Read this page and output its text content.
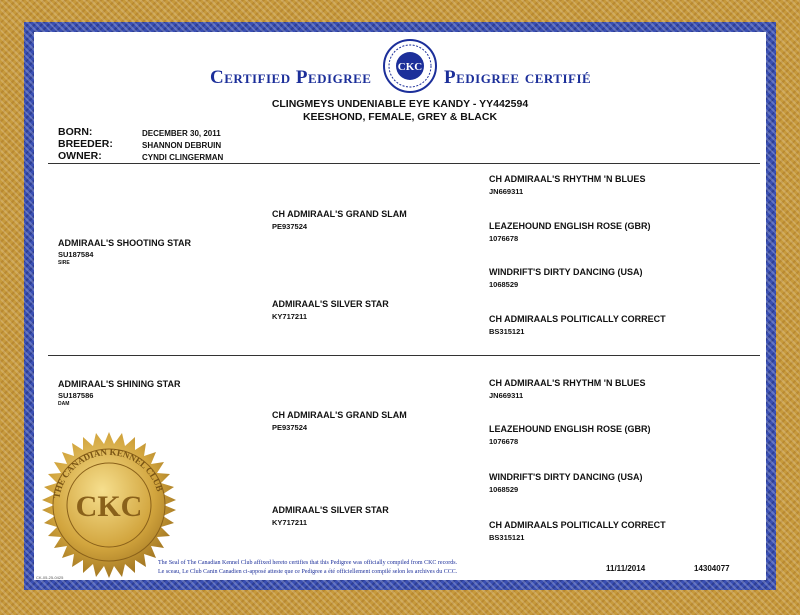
Certified Pedigree CKC Pedigree certifié
CLINGMEYS UNDENIABLE EYE KANDY - YY442594
KEESHOND, FEMALE, GREY & BLACK
BORN:	DECEMBER 30, 2011
BREEDER:	SHANNON DEBRUIN
OWNER:	CYNDI CLINGERMAN
ADMIRAAL'S SHOOTING STAR
SU187584
SIRE
CH ADMIRAAL'S GRAND SLAM
PE937524
ADMIRAAL'S SILVER STAR
KY717211
CH ADMIRAAL'S RHYTHM 'N BLUES
JN669311
LEAZEHOUND ENGLISH ROSE (GBR)
1076678
WINDRIFT'S DIRTY DANCING (USA)
1068529
CH ADMIRAALS POLITICALLY CORRECT
BS315121
ADMIRAAL'S SHINING STAR
SU187586
DAM
CH ADMIRAAL'S GRAND SLAM
PE937524
ADMIRAAL'S SILVER STAR
KY717211
CH ADMIRAAL'S RHYTHM 'N BLUES
JN669311
LEAZEHOUND ENGLISH ROSE (GBR)
1076678
WINDRIFT'S DIRTY DANCING (USA)
1068529
CH ADMIRAALS POLITICALLY CORRECT
BS315121
THE CANADIAN KENNEL CLUB
CKC
The Seal of The Canadian Kennel Club affixed hereto certifies that this Pedigree was officially compiled from CKC records.
Le sceau, Le Club Canin Canadien ci-apposé atteste que ce Pedigree a été officiellement compilé selon les archives du CCC.	11/11/2014	14304077
CK-05-25-0425
